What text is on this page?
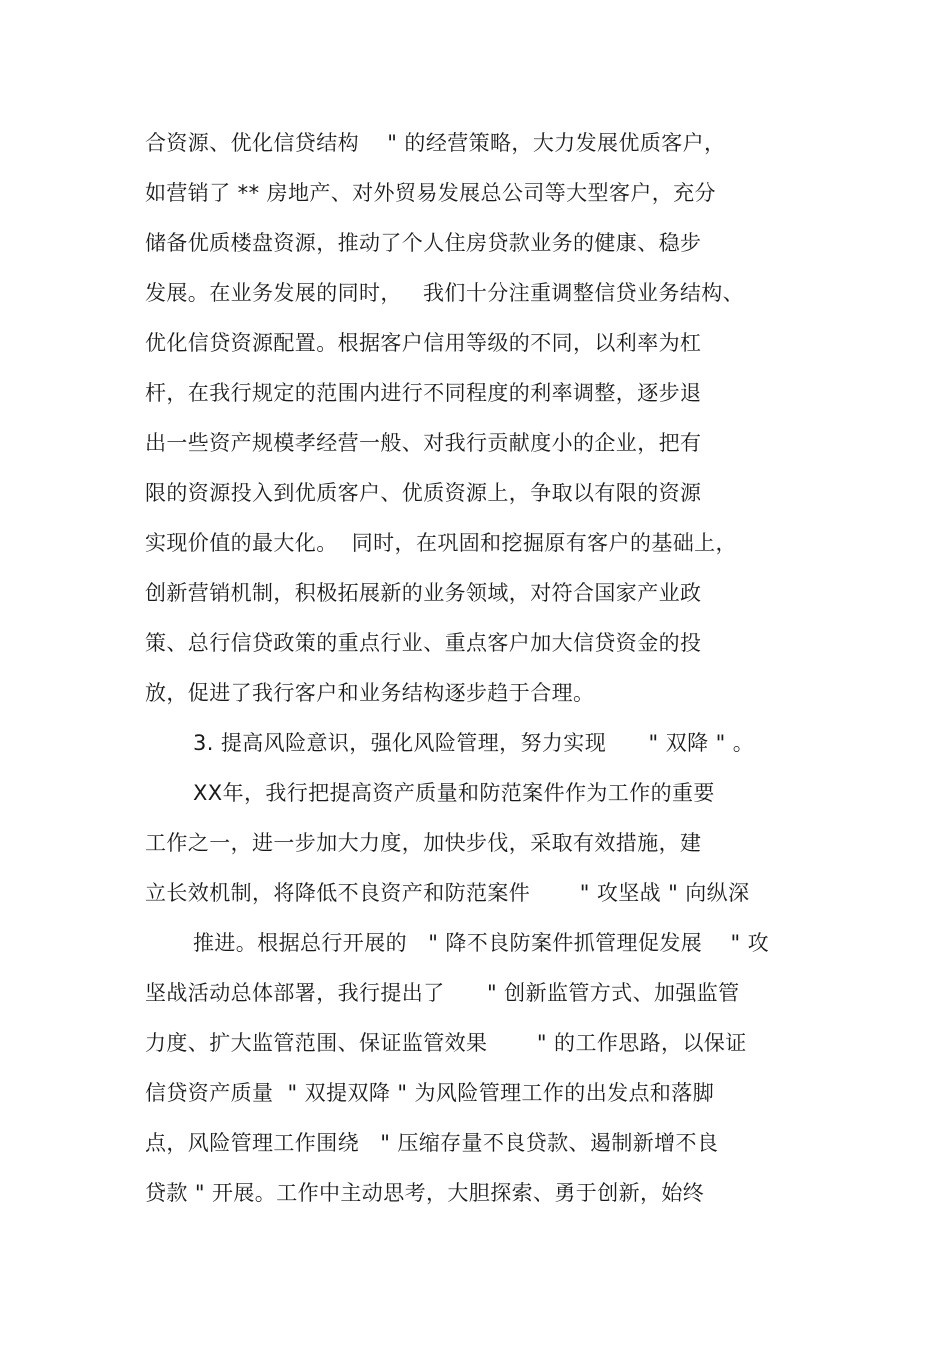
合资源、优化信贷结构    " 的经营策略，大力发展优质客户，
如营销了 ** 房地产、对外贸易发展总公司等大型客户，充分
储备优质楼盘资源，推动了个人住房贷款业务的健康、稳步
发展。在业务发展的同时，   我们十分注重调整信贷业务结构、
优化信贷资源配置。根据客户信用等级的不同，以利率为杠
杆，在我行规定的范围内进行不同程度的利率调整，逐步退
出一些资产规模孝经营一般、对我行贡献度小的企业，把有
限的资源投入到优质客户、优质资源上，争取以有限的资源
实现价值的最大化。  同时，在巩固和挖掘原有客户的基础上，
创新营销机制，积极拓展新的业务领域，对符合国家产业政
策、总行信贷政策的重点行业、重点客户加大信贷资金的投
放，促进了我行客户和业务结构逐步趋于合理。
3. 提高风险意识，强化风险管理，努力实现      " 双降 " 。
XX年，我行把提高资产质量和防范案件作为工作的重要
工作之一，进一步加大力度，加快步伐，采取有效措施，建
立长效机制，将降低不良资产和防范案件       " 攻坚战 " 向纵深
推进。根据总行开展的   " 降不良防案件抓管理促发展    " 攻
坚战活动总体部署，我行提出了      " 创新监管方式、加强监管
力度、扩大监管范围、保证监管效果       " 的工作思路，以保证
信贷资产质量  " 双提双降 " 为风险管理工作的出发点和落脚
点，风险管理工作围绕   " 压缩存量不良贷款、遏制新增不良
贷款 " 开展。工作中主动思考，大胆探索、勇于创新，始终
